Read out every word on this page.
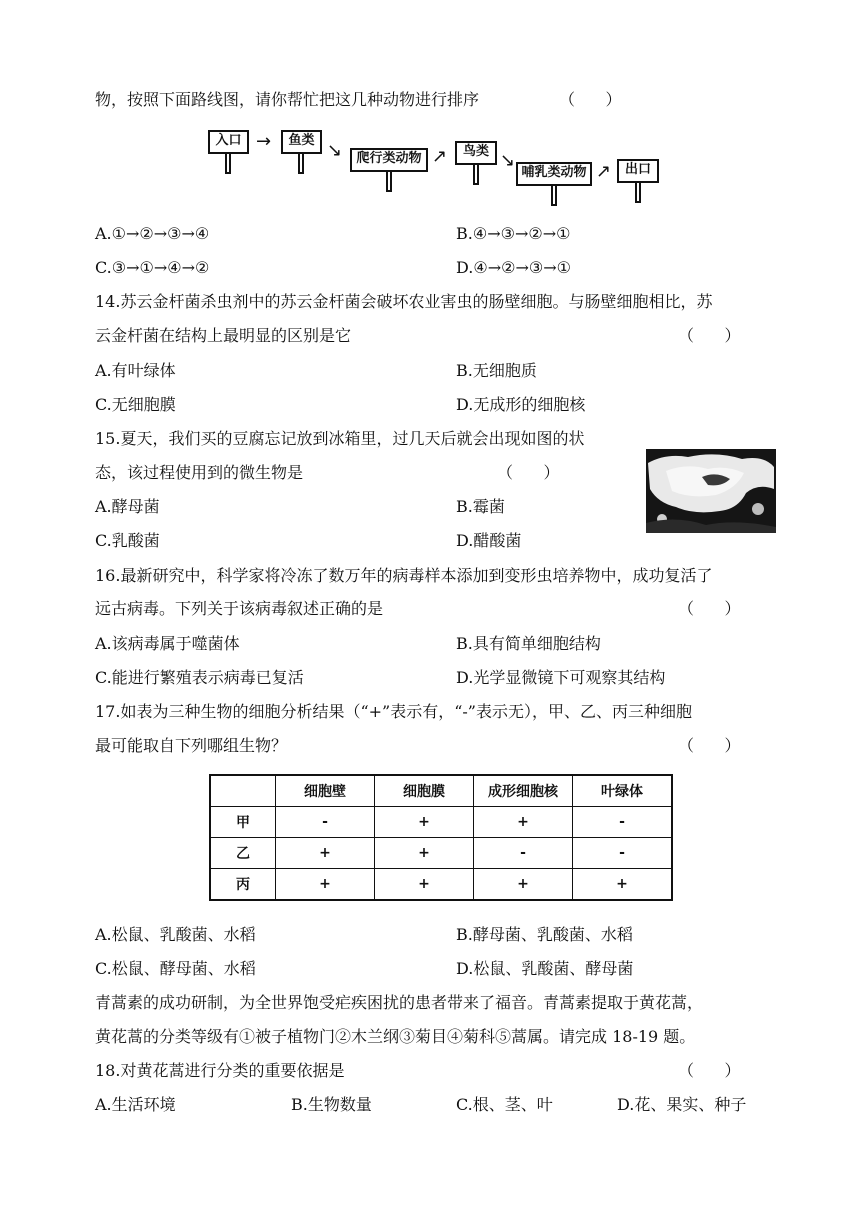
物，按照下面路线图，请你帮忙把这几种动物进行排序	（      ）
入口 →	鱼类 ↘	爬行类动物 ↗	鸟类 ↘
哺乳类动物 ↗	出口
A.①→②→③→④	B.④→③→②→①
C.③→①→④→②	D.④→②→③→①
14.苏云金杆菌杀虫剂中的苏云金杆菌会破坏农业害虫的肠壁细胞。与肠壁细胞相比，苏
云金杆菌在结构上最明显的区别是它	（      ）
A.有叶绿体	B.无细胞质
C.无细胞膜	D.无成形的细胞核
15.夏天，我们买的豆腐忘记放到冰箱里，过几天后就会出现如图的状
态，该过程使用到的微生物是	（      ）
A.酵母菌	B.霉菌
C.乳酸菌	D.醋酸菌
16.最新研究中，科学家将冷冻了数万年的病毒样本添加到变形虫培养物中，成功复活了
远古病毒。下列关于该病毒叙述正确的是	（      ）
A.该病毒属于噬菌体	B.具有简单细胞结构
C.能进行繁殖表示病毒已复活	D.光学显微镜下可观察其结构
17.如表为三种生物的细胞分析结果（“+”表示有，“-”表示无），甲、乙、丙三种细胞
最可能取自下列哪组生物？	（      ）
	细胞壁	细胞膜	成形细胞核	叶绿体
甲	-	+	+	-
乙	+	+	-	-
丙	+	+	+	+
A.松鼠、乳酸菌、水稻	B.酵母菌、乳酸菌、水稻
C.松鼠、酵母菌、水稻	D.松鼠、乳酸菌、酵母菌
青蒿素的成功研制，为全世界饱受疟疾困扰的患者带来了福音。青蒿素提取于黄花蒿，
黄花蒿的分类等级有①被子植物门②木兰纲③菊目④菊科⑤蒿属。请完成 18-19 题。
18.对黄花蒿进行分类的重要依据是	（      ）
A.生活环境	B.生物数量	C.根、茎、叶	D.花、果实、种子
